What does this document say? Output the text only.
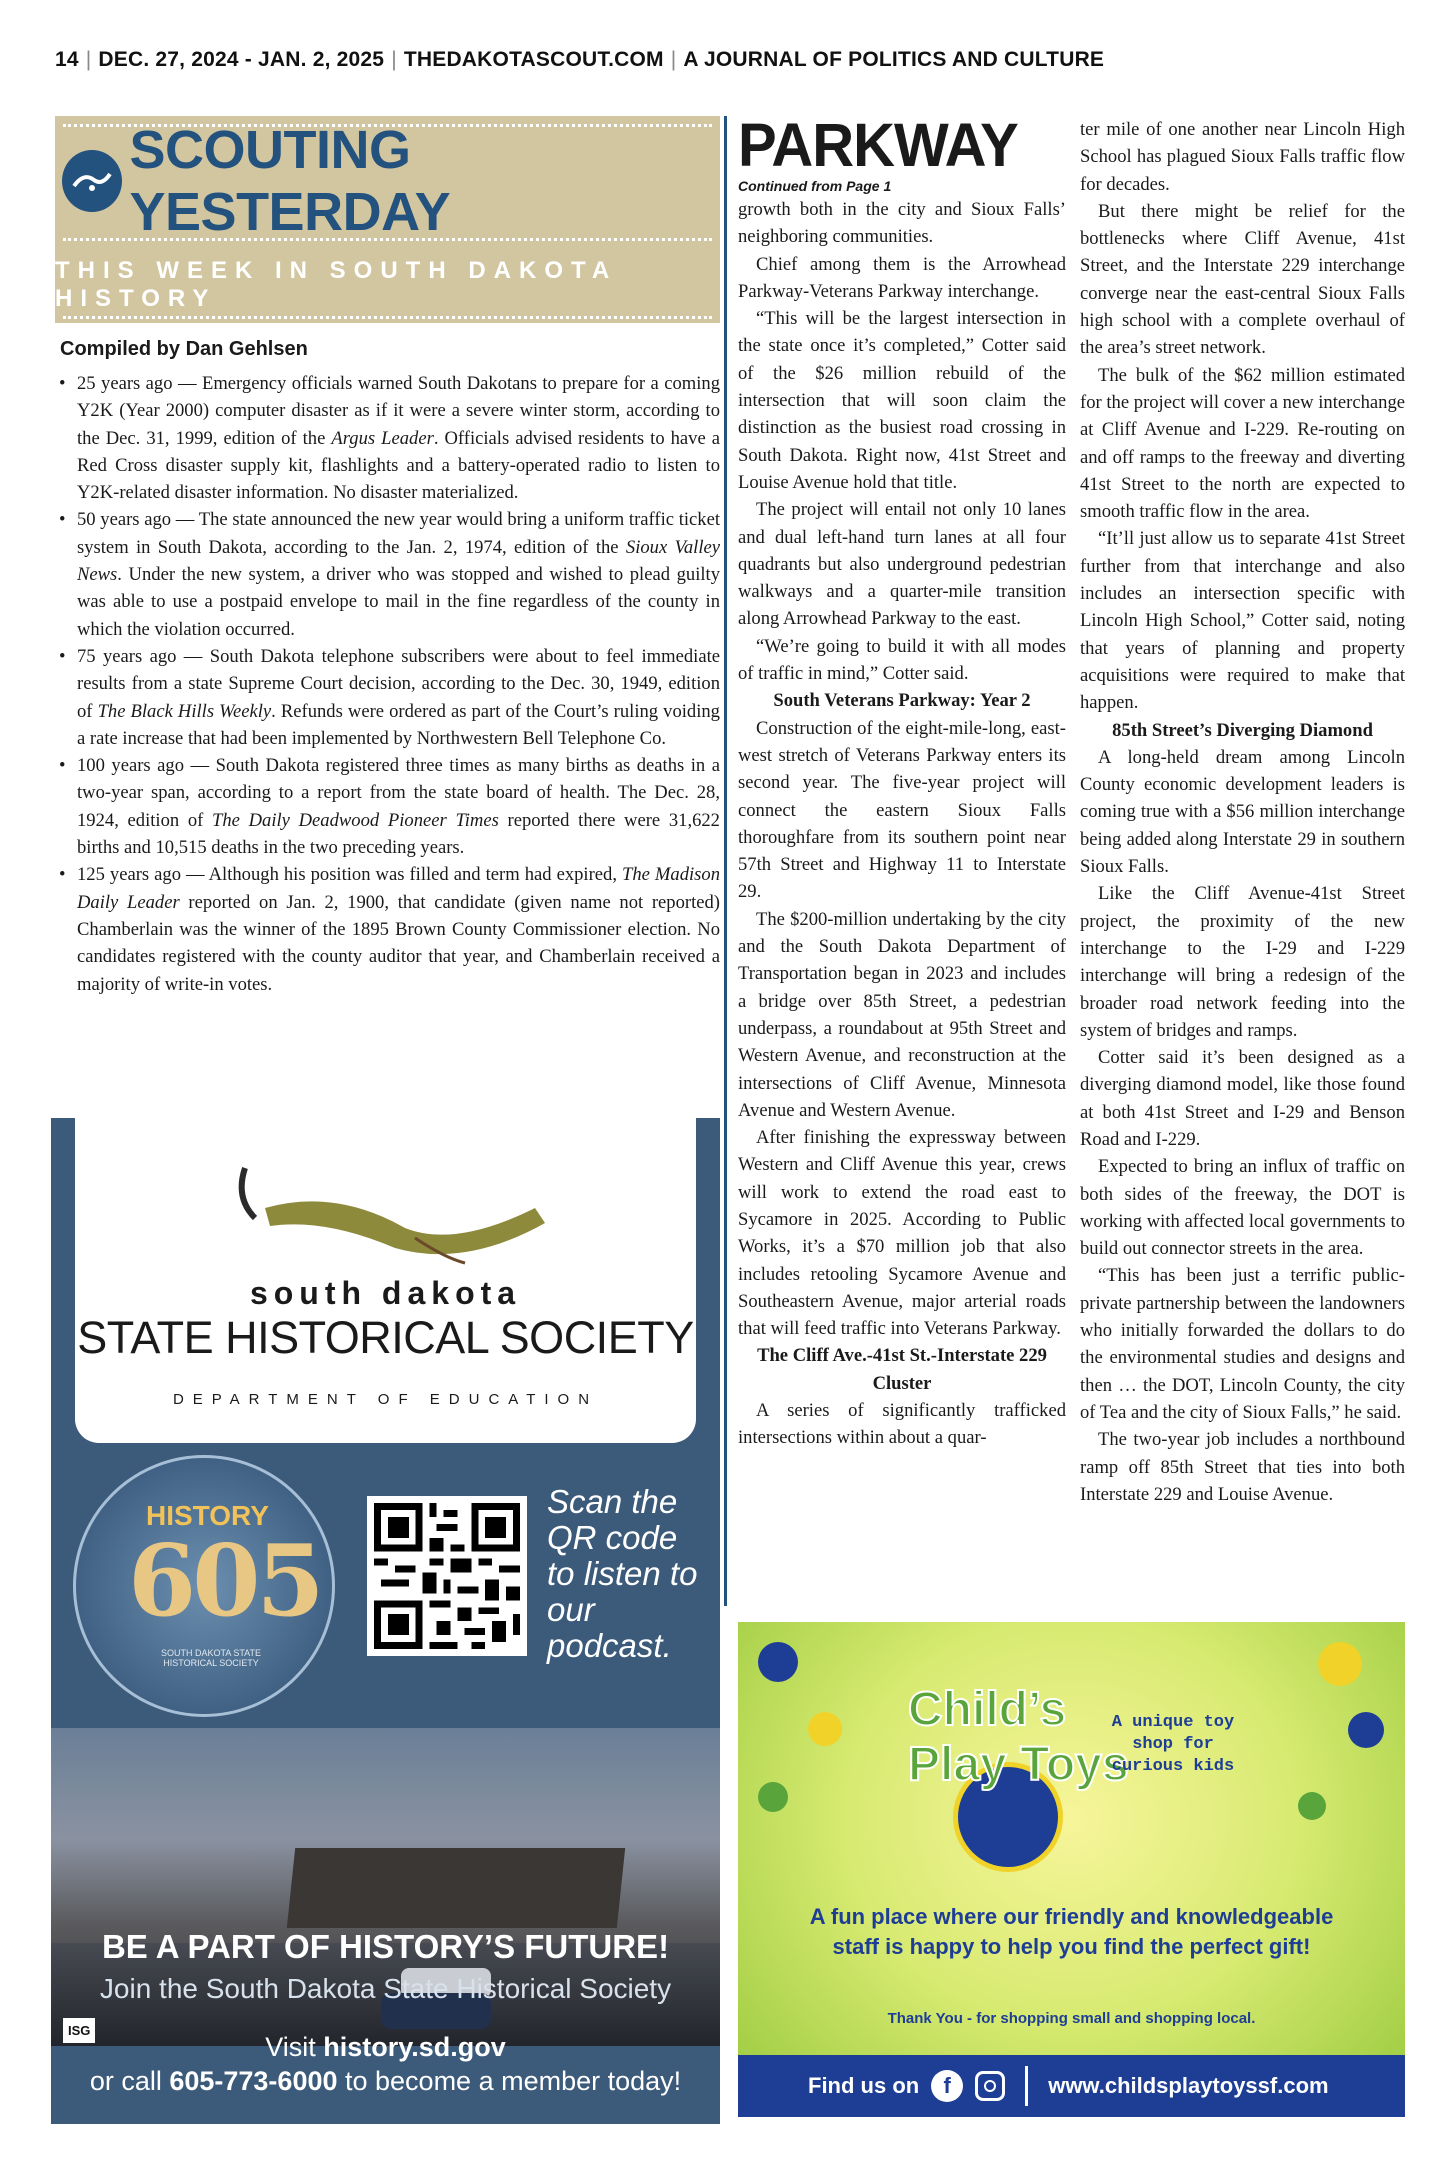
14 | DEC. 27, 2024 - JAN. 2, 2025 | THEDAKOTASCOUT.COM | A JOURNAL OF POLITICS AND CULTURE
SCOUTING YESTERDAY
THIS WEEK IN SOUTH DAKOTA HISTORY
Compiled by Dan Gehlsen
• 25 years ago — Emergency officials warned South Dakotans to prepare for a coming Y2K (Year 2000) computer disaster as if it were a severe winter storm, according to the Dec. 31, 1999, edition of the Argus Leader. Officials advised residents to have a Red Cross disaster supply kit, flashlights and a battery-operated radio to listen to Y2K-related disaster information. No disaster materialized.
• 50 years ago — The state announced the new year would bring a uniform traffic ticket system in South Dakota, according to the Jan. 2, 1974, edition of the Sioux Valley News. Under the new system, a driver who was stopped and wished to plead guilty was able to use a postpaid envelope to mail in the fine regardless of the county in which the violation occurred.
• 75 years ago — South Dakota telephone subscribers were about to feel immediate results from a state Supreme Court decision, according to the Dec. 30, 1949, edition of The Black Hills Weekly. Refunds were ordered as part of the Court’s ruling voiding a rate increase that had been implemented by Northwestern Bell Telephone Co.
• 100 years ago — South Dakota registered three times as many births as deaths in a two-year span, according to a report from the state board of health. The Dec. 28, 1924, edition of The Daily Deadwood Pioneer Times reported there were 31,622 births and 10,515 deaths in the two preceding years.
• 125 years ago — Although his position was filled and term had expired, The Madison Daily Leader reported on Jan. 2, 1900, that candidate (given name not reported) Chamberlain was the winner of the 1895 Brown County Commissioner election. No candidates registered with the county auditor that year, and Chamberlain received a majority of write-in votes.
south dakota
STATE HISTORICAL SOCIETY
DEPARTMENT OF EDUCATION
HISTORY
605
SOUTH DAKOTA STATE HISTORICAL SOCIETY
Scan the QR code to listen to our podcast.
ISG
BE A PART OF HISTORY’S FUTURE!
Join the South Dakota State Historical Society
Visit history.sd.gov
or call 605-773-6000 to become a member today!
PARKWAY
Continued from Page 1

growth both in the city and Sioux Falls’ neighboring communities.

Chief among them is the Arrowhead Parkway-Veterans Parkway interchange.

“This will be the largest intersection in the state once it’s completed,” Cotter said of the $26 million rebuild of the intersection that will soon claim the distinction as the busiest road crossing in South Dakota. Right now, 41st Street and Louise Avenue hold that title.

The project will entail not only 10 lanes and dual left-hand turn lanes at all four quadrants but also underground pedestrian walkways and a quarter-mile transition along Arrowhead Parkway to the east.

“We’re going to build it with all modes of traffic in mind,” Cotter said.

South Veterans Parkway: Year 2

Construction of the eight-mile-long, east-west stretch of Veterans Parkway enters its second year. The five-year project will connect the eastern Sioux Falls thoroughfare from its southern point near 57th Street and Highway 11 to Interstate 29.

The $200-million undertaking by the city and the South Dakota Department of Transportation began in 2023 and includes a bridge over 85th Street, a pedestrian underpass, a roundabout at 95th Street and Western Avenue, and reconstruction at the intersections of Cliff Avenue, Minnesota Avenue and Western Avenue.

After finishing the expressway between Western and Cliff Avenue this year, crews will work to extend the road east to Sycamore in 2025. According to Public Works, it’s a $70 million job that also includes retooling Sycamore Avenue and Southeastern Avenue, major arterial roads that will feed traffic into Veterans Parkway.

The Cliff Ave.-41st St.-Interstate 229 Cluster

A series of significantly trafficked intersections within about a quar-

ter mile of one another near Lincoln High School has plagued Sioux Falls traffic flow for decades.

But there might be relief for the bottlenecks where Cliff Avenue, 41st Street, and the Interstate 229 interchange converge near the east-central Sioux Falls high school with a complete overhaul of the area’s street network.

The bulk of the $62 million estimated for the project will cover a new interchange at Cliff Avenue and I-229. Re-routing on and off ramps to the freeway and diverting 41st Street to the north are expected to smooth traffic flow in the area.

“It’ll just allow us to separate 41st Street further from that interchange and also includes an intersection specific with Lincoln High School,” Cotter said, noting that years of planning and property acquisitions were required to make that happen.

85th Street’s Diverging Diamond

A long-held dream among Lincoln County economic development leaders is coming true with a $56 million interchange being added along Interstate 29 in southern Sioux Falls.

Like the Cliff Avenue-41st Street project, the proximity of the new interchange to the I-29 and I-229 interchange will bring a redesign of the broader road network feeding into the system of bridges and ramps.

Cotter said it’s been designed as a diverging diamond model, like those found at both 41st Street and I-29 and Benson Road and I-229.

Expected to bring an influx of traffic on both sides of the freeway, the DOT is working with affected local governments to build out connector streets in the area.

“This has been just a terrific public-private partnership between the landowners who initially forwarded the dollars to do the environmental studies and designs and then … the DOT, Lincoln County, the city of Tea and the city of Sioux Falls,” he said.

The two-year job includes a northbound ramp off 85th Street that ties into both Interstate 229 and Louise Avenue.

Child’s Play Toys
A unique toy shop for curious kids
A fun place where our friendly and knowledgeable staff is happy to help you find the perfect gift!
Thank You - for shopping small and shopping local.
Find us on	f	www.childsplaytoyssf.com
